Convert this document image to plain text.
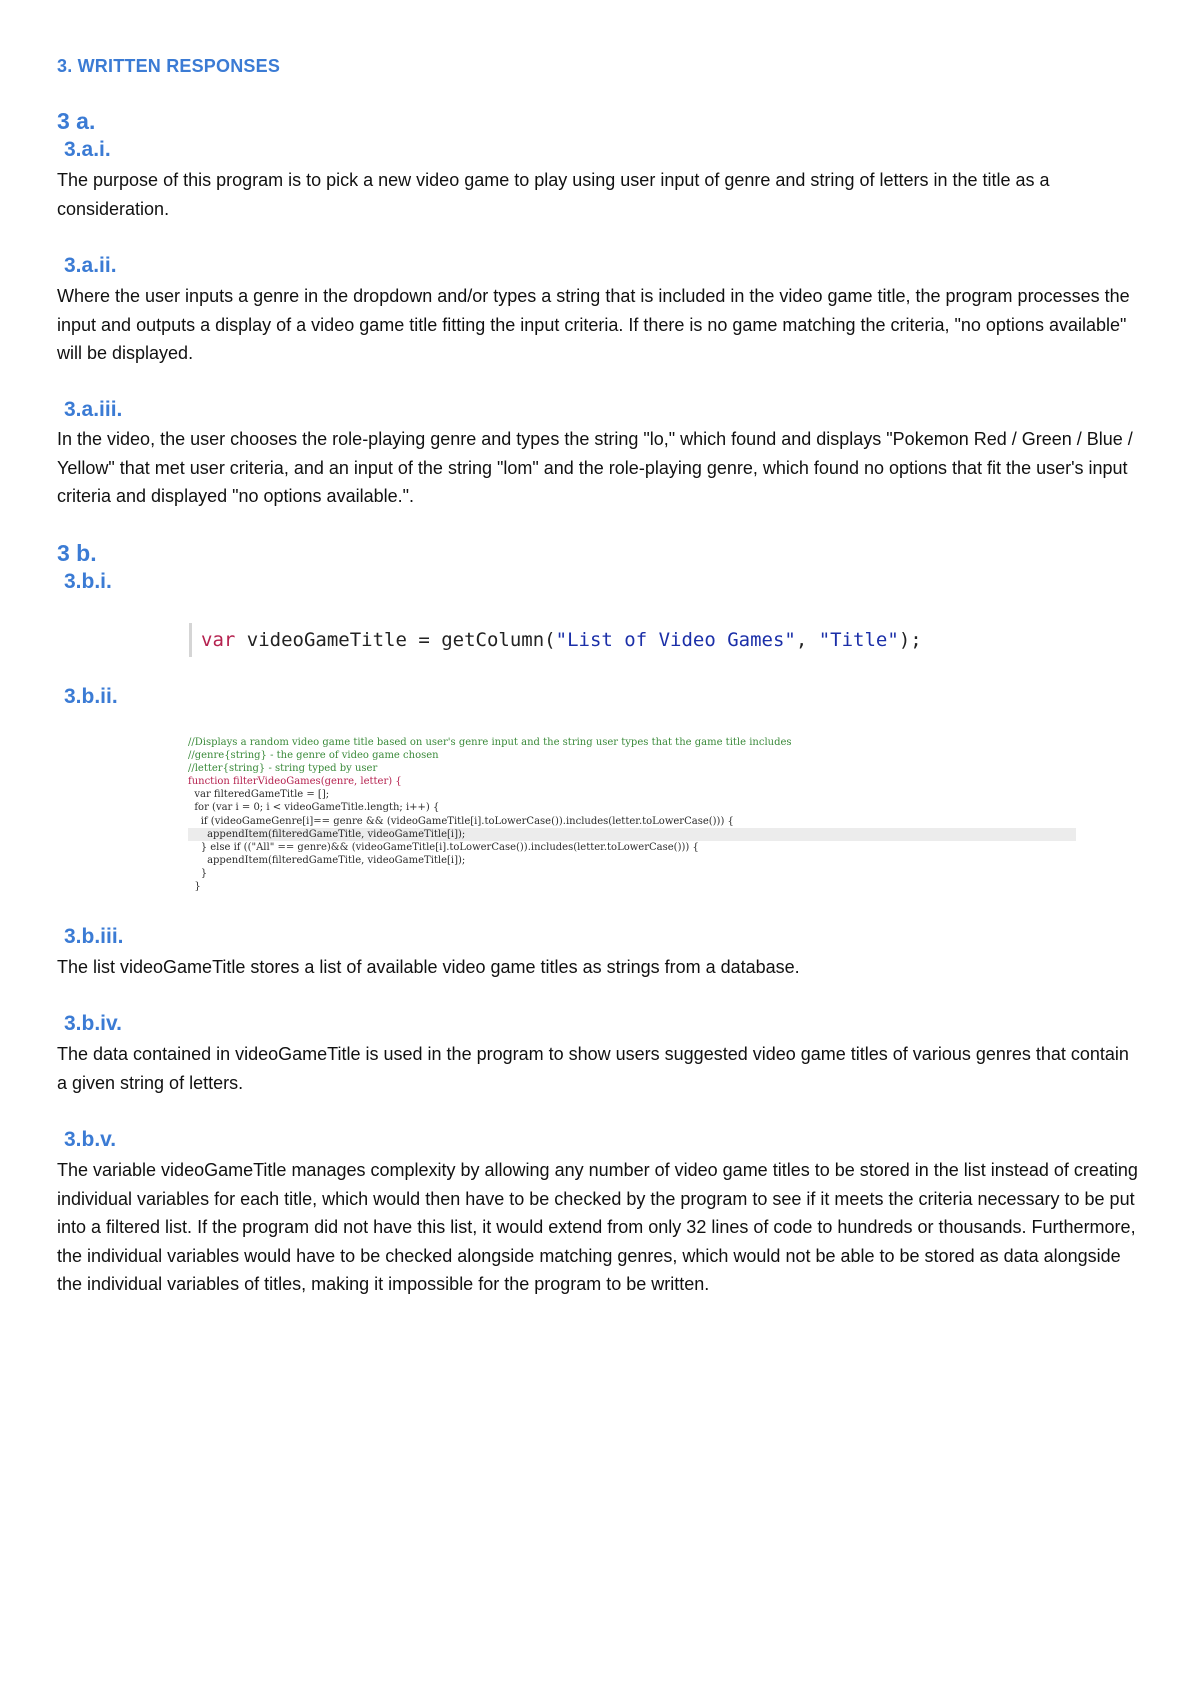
3. WRITTEN RESPONSES
3 a.
3.a.i.
The purpose of this program is to pick a new video game to play using user input of genre and string of letters in the title as a consideration.
3.a.ii.
Where the user inputs a genre in the dropdown and/or types a string that is included in the video game title, the program processes the input and outputs a display of a video game title fitting the input criteria. If there is no game matching the criteria, "no options available" will be displayed.
3.a.iii.
In the video, the user chooses the role-playing genre and types the string "lo," which found and displays "Pokemon Red / Green / Blue / Yellow" that met user criteria, and an input of the string "lom" and the role-playing genre, which found no options that fit the user's input criteria and displayed "no options available.".
3 b.
3.b.i.
var videoGameTitle = getColumn("List of Video Games", "Title");
3.b.ii.
//Displays a random video game title based on user's genre input and the string user types that the game title includes
//genre{string} - the genre of video game chosen
//letter{string} - string typed by user
function filterVideoGames(genre, letter) {
var filteredGameTitle = [];
for (var i = 0; i < videoGameTitle.length; i++) {
if (videoGameGenre[i]== genre && (videoGameTitle[i].toLowerCase()).includes(letter.toLowerCase())) {
appendItem(filteredGameTitle, videoGameTitle[i]);
} else if (("All" == genre)&& (videoGameTitle[i].toLowerCase()).includes(letter.toLowerCase())) {
appendItem(filteredGameTitle, videoGameTitle[i]);
}
}
3.b.iii.
The list videoGameTitle stores a list of available video game titles as strings from a database.
3.b.iv.
The data contained in videoGameTitle is used in the program to show users suggested video game titles of various genres that contain a given string of letters.
3.b.v.
The variable videoGameTitle manages complexity by allowing any number of video game titles to be stored in the list instead of creating individual variables for each title, which would then have to be checked by the program to see if it meets the criteria necessary to be put into a filtered list. If the program did not have this list, it would extend from only 32 lines of code to hundreds or thousands. Furthermore, the individual variables would have to be checked alongside matching genres, which would not be able to be stored as data alongside the individual variables of titles, making it impossible for the program to be written.
